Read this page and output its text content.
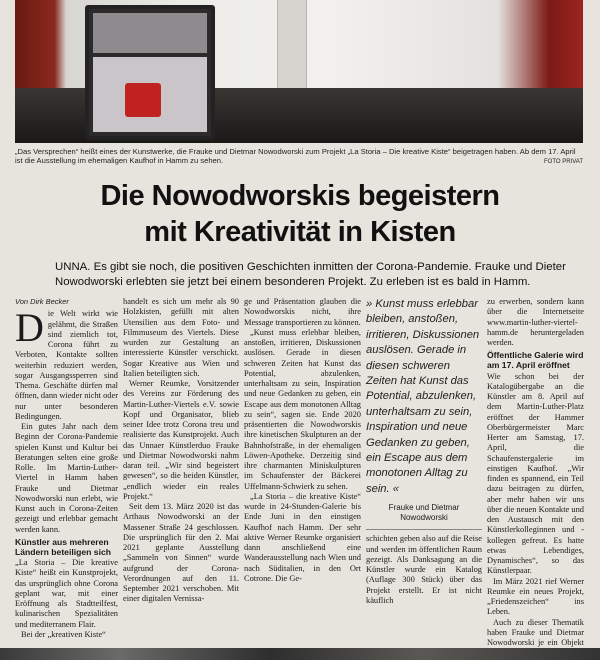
„Das Versprechen“ heißt eines der Kunstwerke, die Frauke und Dietmar Nowodworski zum Projekt „La Storia – Die kreative Kiste“ beigetragen haben. Ab dem 17. April ist die Ausstellung im ehemaligen Kaufhof in Hamm zu sehen.	FOTO PRIVAT
Die Nowodworskis begeistern
mit Kreativität in Kisten
UNNA. Es gibt sie noch, die positiven Geschichten inmitten der Corona-Pandemie. Frauke und Dieter Nowodworski erlebten sie jetzt bei einem besonderen Projekt. Zu erleben ist es bald in Hamm.
Von Dirk Becker

Die Welt wirkt wie gelähmt, die Straßen sind ziemlich tot, Corona führt zu Verboten, Kontakte sollten weiterhin reduziert werden, sogar Ausgangssperren sind Thema. Geschäfte dürfen mal öffnen, dann wieder nicht oder nur unter besonderen Bedingungen.

Ein gutes Jahr nach dem Beginn der Corona-Pandemie spielen Kunst und Kultur bei Beratungen selten eine große Rolle. Im Martin-Luther-Viertel in Hamm haben Frauke und Dietmar Nowodworski nun erlebt, wie Kunst auch in Corona-Zeiten gezeigt und erlebbar gemacht werden kann.

Künstler aus mehreren Ländern beteiligen sich

„La Storia – Die kreative Kiste“ heißt ein Kunstprojekt, das ursprünglich ohne Corona geplant war, mit einer Eröffnung als Stadtteilfest, kulinarischen Spezialitäten und mediterranem Flair.

Bei der „kreativen Kiste“

handelt es sich um mehr als 90 Holzkisten, gefüllt mit alten Utensilien aus dem Foto- und Filmmuseum des Viertels. Diese wurden zur Gestaltung an interessierte Künstler verschickt. Sogar Kreative aus Wien und Italien beteiligten sich.

Werner Reumke, Vorsitzender des Vereins zur Förderung des Martin-Luther-Viertels e.V. sowie Kopf und Organisator, blieb seiner Idee trotz Corona treu und realisierte das Kunstprojekt. Auch das Unnaer Künstlerduo Frauke und Dietmar Nowodworski nahm daran teil. „Wir sind begeistert gewesen“, so die beiden Künstler, „endlich wieder ein reales Projekt.“

Seit dem 13. März 2020 ist das Arthaus Nowodworski an der Massener Straße 24 geschlossen. Die ursprünglich für den 2. Mai 2021 geplante Ausstellung „Sammeln von Sinnen“ wurde aufgrund der Corona-Verordnungen auf den 11. September 2021 verschoben. Mit einer digitalen Vernissa-

ge und Präsentation glauben die Nowodworskis nicht, ihre Message transportieren zu können.

„Kunst muss erlebbar bleiben, anstoßen, irritieren, Diskussionen auslösen. Gerade in diesen schweren Zeiten hat Kunst das Potential, abzulenken, unterhaltsam zu sein, Inspiration und neue Gedanken zu geben, ein Escape aus dem monotonen Alltag zu sein“, sagen sie. Ende 2020 präsentierten die Nowodworskis ihre kinetischen Skulpturen an der Bahnhofstraße, in der ehemaligen Löwen-Apotheke. Derzeitig sind ihre charmanten Miniskulpturen im Schaufenster der Bäckerei Uffelmann-Schwierk zu sehen.

„La Storia – die kreative Kiste“ wurde in 24-Stunden-Galerie bis Ende Juni in den einstigen Kaufhof nach Hamm. Der sehr aktive Werner Reumke organisiert dann anschließend eine Wanderausstellung nach Wien und nach Süditalien, in den Ort Cotrone. Die Ge-

» Kunst muss erlebbar bleiben, anstoßen, irritieren, Diskussionen auslösen. Gerade in diesen schweren Zeiten hat Kunst das Potential, abzulenken, unterhaltsam zu sein, Inspiration und neue Gedanken zu geben, ein Escape aus dem monotonen Alltag zu sein. «
Frauke und Dietmar
Nowodworski

schichten geben also auf die Reise und werden im öffentlichen Raum gezeigt. Als Danksagung an die Künstler wurde ein Katalog (Auflage 300 Stück) über das Projekt erstellt. Er ist nicht käuflich

zu erwerben, sondern kann über die Internetseite www.martin-luther-viertel-hamm.de heruntergeladen werden.

Öffentliche Galerie wird am 17. April eröffnet

Wie schon bei der Katalogübergabe an die Künstler am 8. April auf dem Martin-Luther-Platz eröffnet der Hammer Oberbürgermeister Marc Herter am Samstag, 17. April, die Schaufenstergalerie im einstigen Kaufhof. „Wir finden es spannend, ein Teil dazu beitragen zu dürfen, aber mehr haben wir uns über die neuen Kontakte und den Austausch mit den Künstlerkolleginnen und -kollegen gefreut. Es hatte etwas Lebendiges, Dynamisches“, so das Künstlerpaar.

Im März 2021 rief Werner Reumke ein neues Projekt, „Friedenszeichen“ ins Leben.

Auch zu dieser Thematik haben Frauke und Dietmar Nowodworski je ein Objekt
